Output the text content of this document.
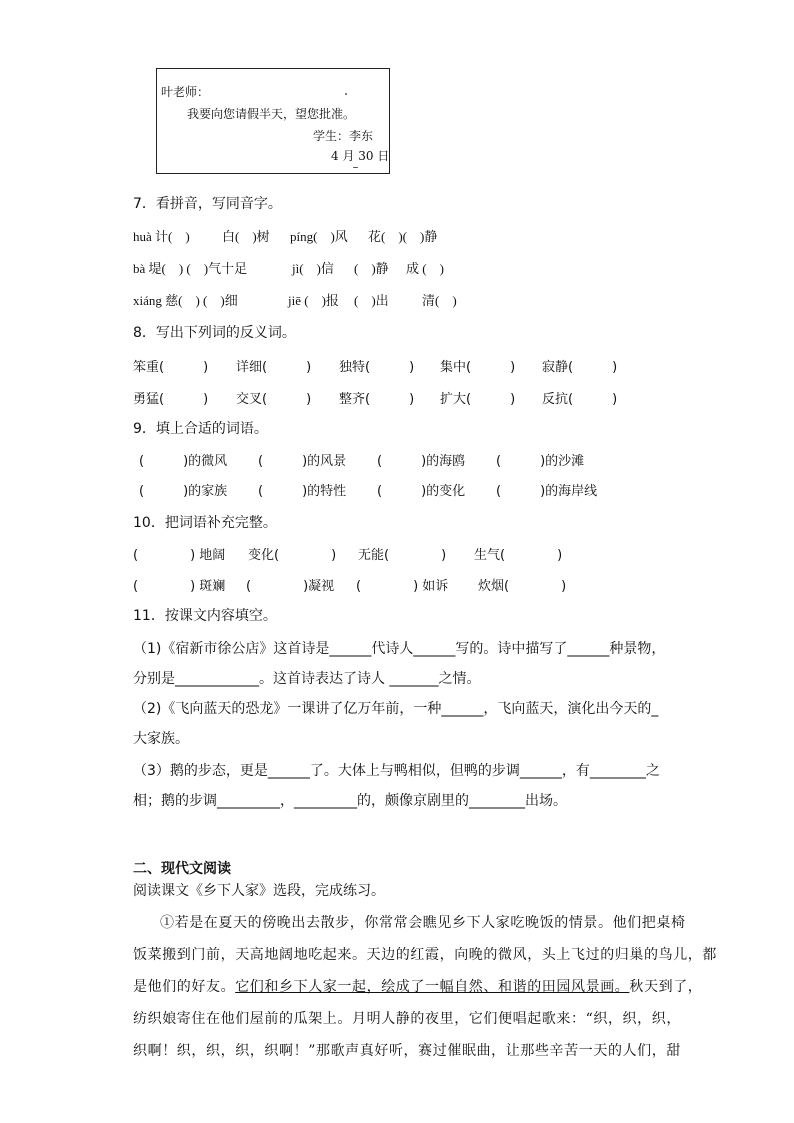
叶老师：
我要向您请假半天，望您批准。
学生：李东
4 月 30 日
7．看拼音，写同音字。
huà 计(　) 白(　)树 píng(　)风 花(　)(　)静
bà 堤(　) (　)气十足	jì(　)信 (　)静 成 (　)
xiáng 慈(　) (　)细	jiē (　)报 (　)出	清(　)
8．写出下列词的反义词。
笨重(　　　) 详细(　　　) 独特(　　　) 集中(　　　) 寂静(　　　)
勇猛(　　　) 交叉(　　　) 整齐(　　　) 扩大(　　　) 反抗(　　　)
9．填上合适的词语。
(　　　)的微风 (　　　)的风景 (　　　)的海鸥 (　　　)的沙滩
(　　　)的家族 (　　　)的特性 (　　　)的变化 (　　　)的海岸线
10．把词语补充完整。
(　　　　) 地阔 变化(　　　　) 无能(　　　　) 生气(　　　　)
(　　　　) 斑斓 (　　　　)凝视 (　　　　) 如诉 炊烟(　　　　)
11．按课文内容填空。
（1)《宿新市徐公店》这首诗是______代诗人______写的。诗中描写了______种景物，
分别是____________。这首诗表达了诗人 _______之情。
（2)《飞向蓝天的恐龙》一课讲了亿万年前，一种______，飞向蓝天，演化出今天的_
大家族。
（3）鹅的步态，更是______了。大体上与鸭相似，但鸭的步调______，有________之
相；鹅的步调_________，_________的，颇像京剧里的________出场。
二、现代文阅读
阅读课文《乡下人家》选段，完成练习。
①若是在夏天的傍晚出去散步，你常常会瞧见乡下人家吃晚饭的情景。他们把桌椅
饭菜搬到门前，天高地阔地吃起来。天边的红霞，向晚的微风，头上飞过的归巢的鸟儿，都
是他们的好友。它们和乡下人家一起，绘成了一幅自然、和谐的田园风景画。秋天到了，
纺织娘寄住在他们屋前的瓜架上。月明人静的夜里，它们便唱起歌来：“织，织，织，
织啊！织，织，织，织啊！”那歌声真好听，赛过催眠曲，让那些辛苦一天的人们，甜
